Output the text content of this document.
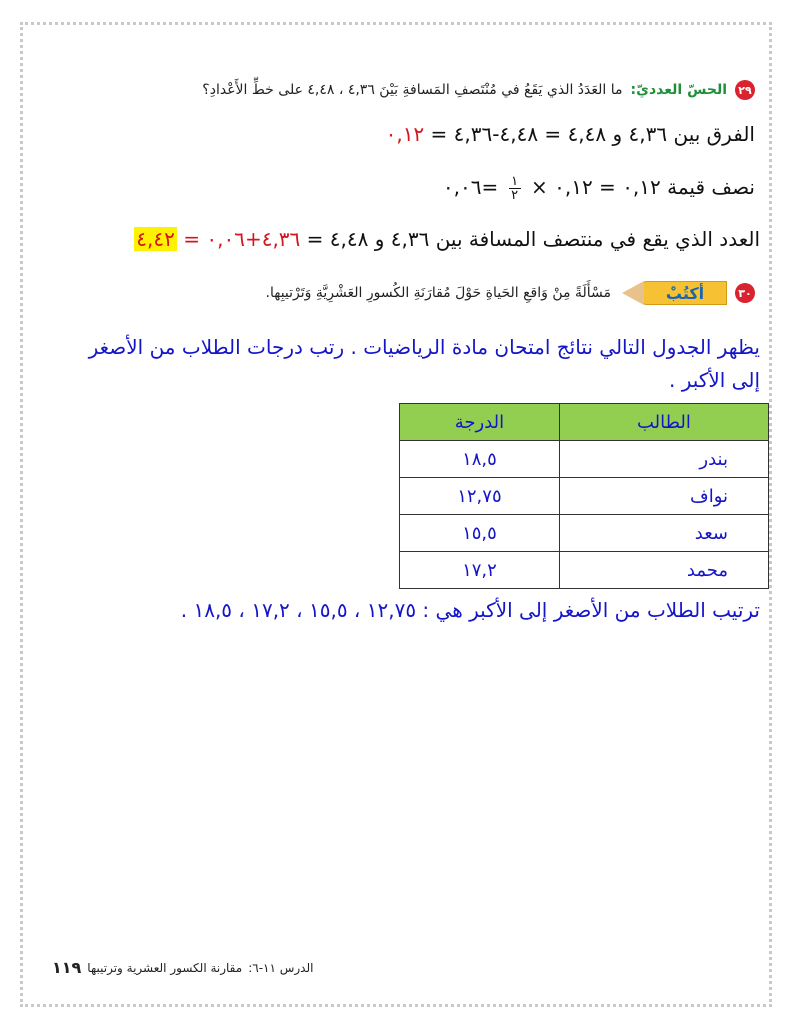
٢٩
الحسّ العدديّ:
ما العَدَدُ الذي يَقَعُ في مُنْتَصفِ المَسافةِ بَيْنَ ٤,٣٦ ، ٤,٤٨ على خطِّ الأَعْدادِ؟
الفرق بين ٤,٣٦ و ٤,٤٨ = ٤,٤٨-٤,٣٦ = ٠,١٢
نصف قيمة ٠,١٢ = ٠,١٢ ×
$\frac{١}{٢}$
=٠,٠٦
العدد الذي يقع في منتصف المسافة بين ٤,٣٦ و ٤,٤٨ = ٤,٣٦+٠,٠٦ = ٤,٤٢
٣٠
أكتُبْ
مَسْأَلَةً مِنْ وَاقعِ الحَياةِ حَوْلَ مُقارَنَةِ الكُسورِ العَشْرِيَّةِ وَتَرْتيبِها.
يظهر الجدول التالي نتائج امتحان مادة الرياضيات . رتب درجات الطلاب من الأصغر
إلى الأكبر .
الطالب	الدرجة
بندر	١٨,٥
نواف	١٢,٧٥
سعد	١٥,٥
محمد	١٧,٢
ترتيب الطلاب من الأصغر إلى الأكبر هي : ١٢,٧٥ ، ١٥,٥ ، ١٧,٢ ، ١٨,٥ .
الدرس ١١-٦:
مقارنة الكسور العشرية وترتيبها
١١٩
